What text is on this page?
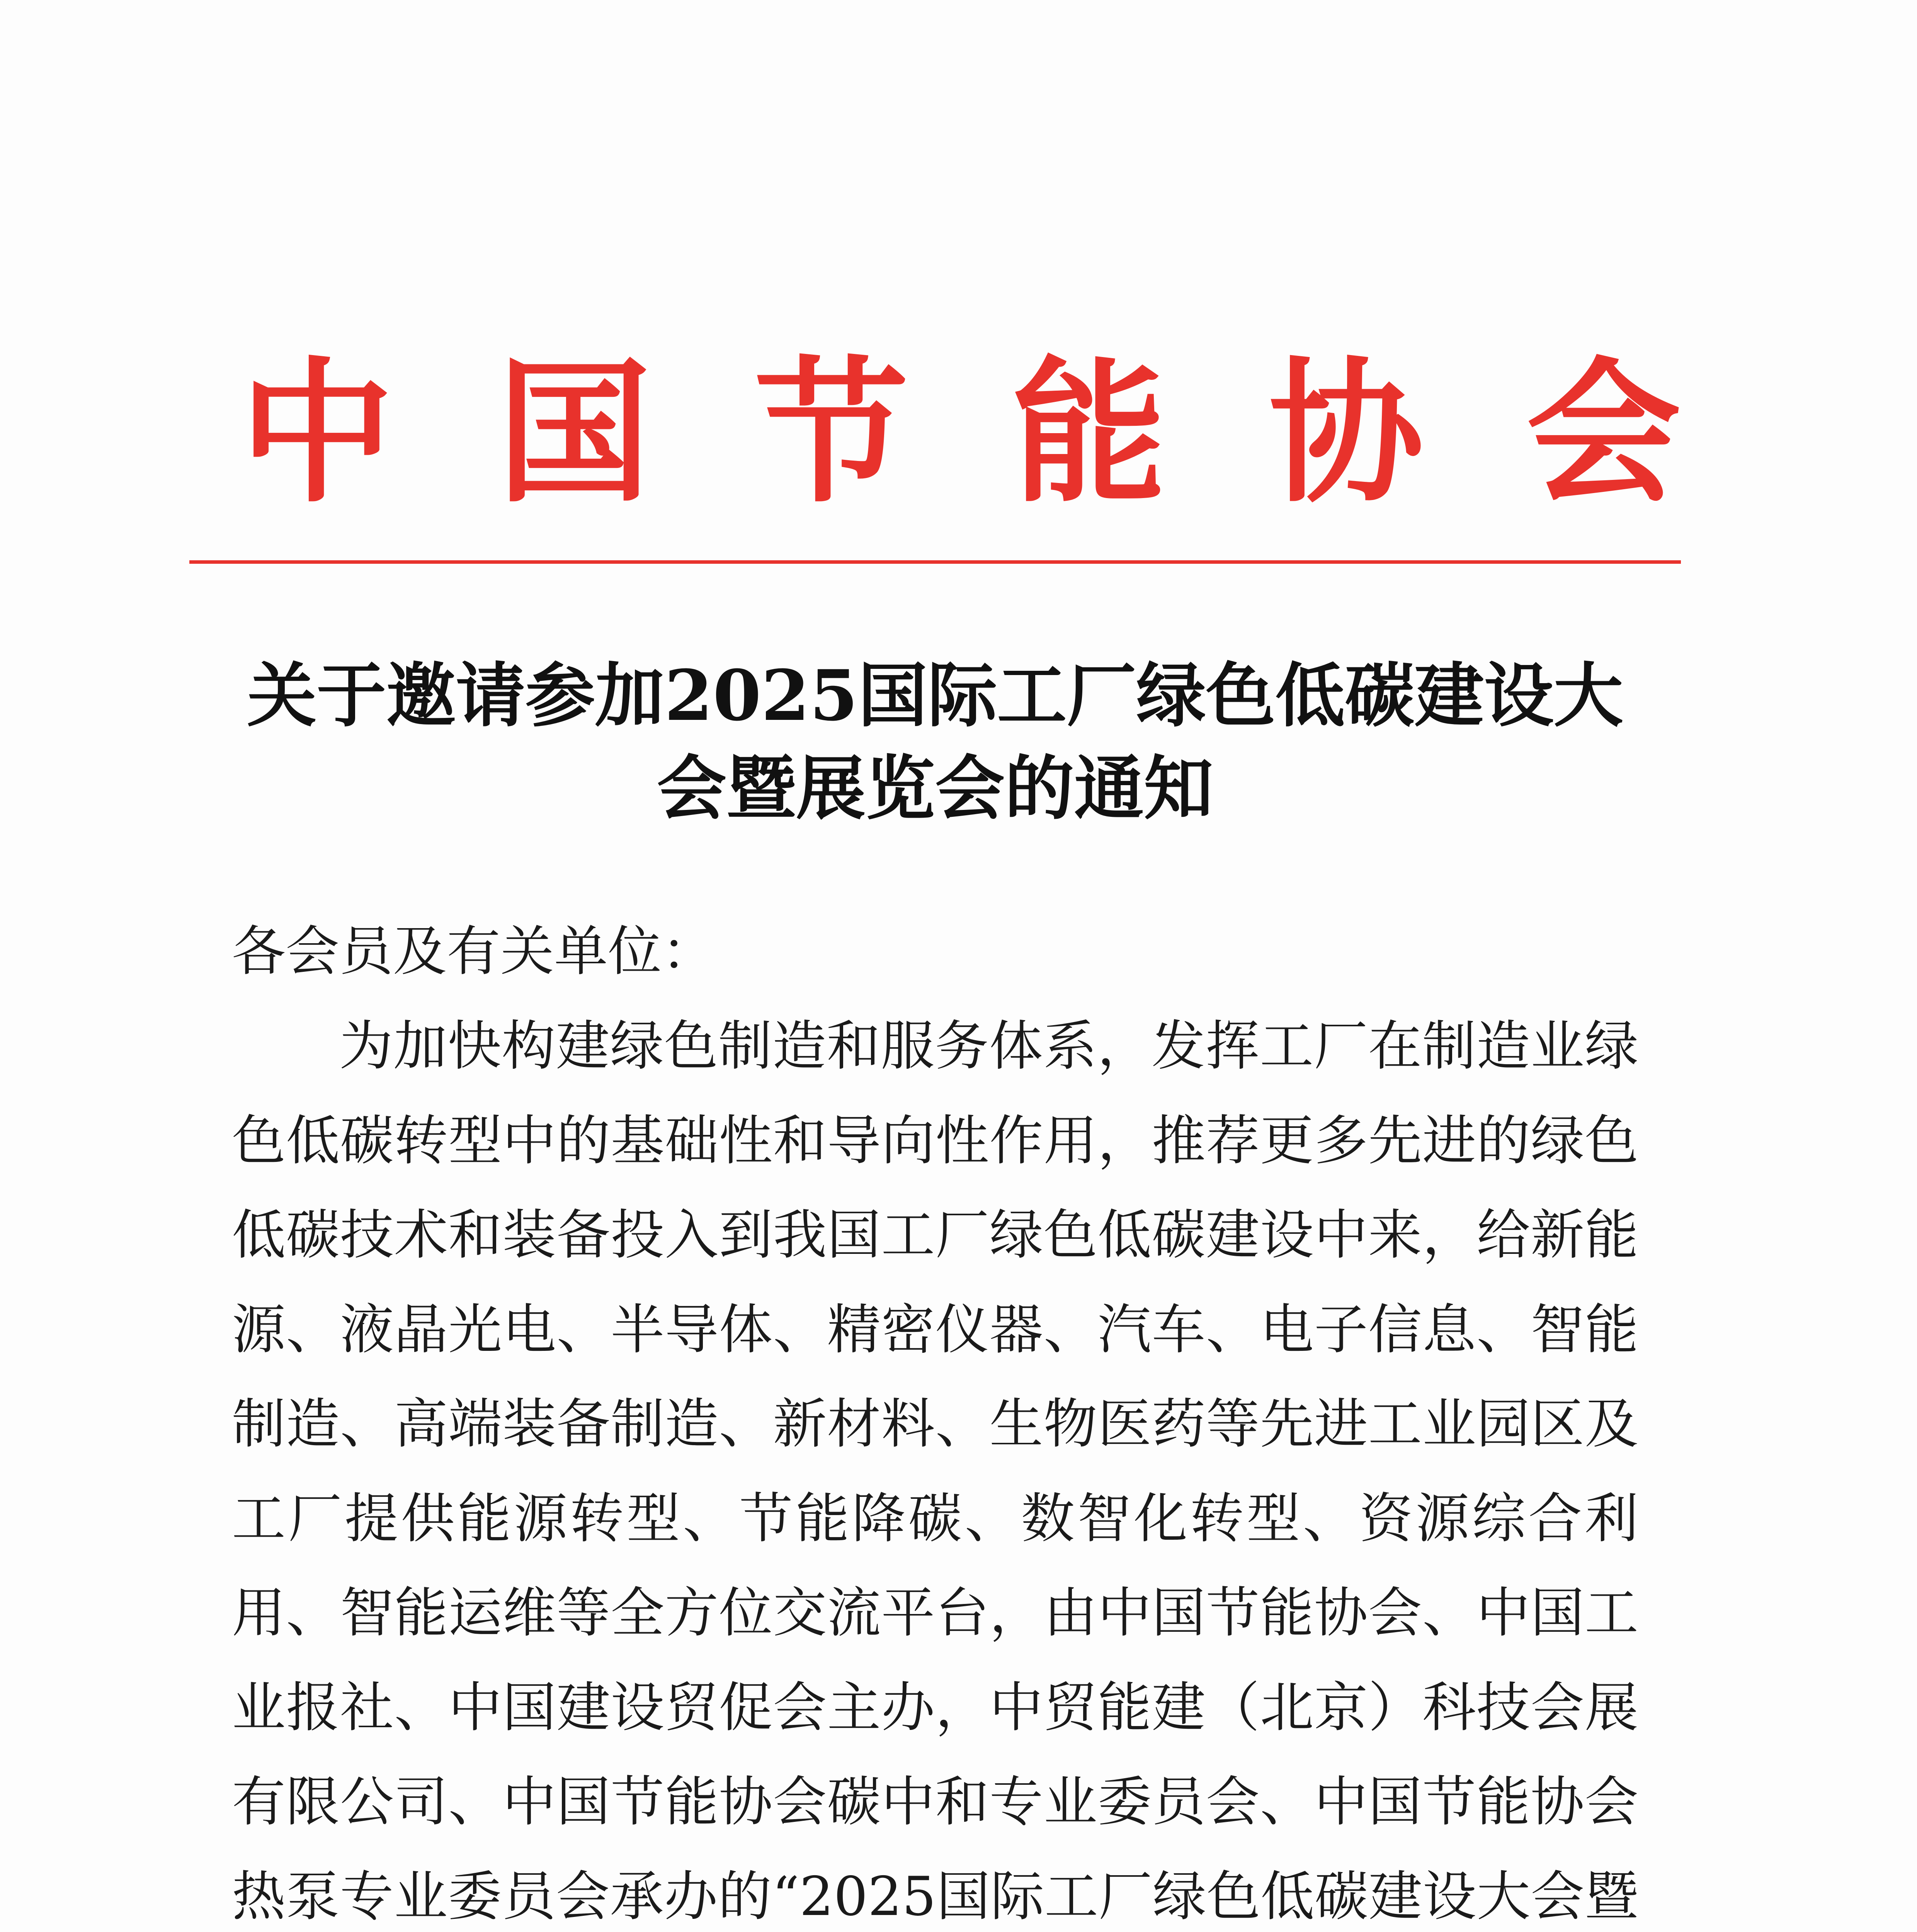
中 国 节 能 协 会
关于邀请参加2025国际工厂绿色低碳建设大
会暨展览会的通知

各会员及有关单位：

为加快构建绿色制造和服务体系，发挥工厂在制造业绿色低碳转型中的基础性和导向性作用，推荐更多先进的绿色低碳技术和装备投入到我国工厂绿色低碳建设中来，给新能源、液晶光电、半导体、精密仪器、汽车、电子信息、智能制造、高端装备制造、新材料、生物医药等先进工业园区及工厂提供能源转型、节能降碳、数智化转型、资源综合利用、智能运维等全方位交流平台，由中国节能协会、中国工业报社、中国建设贸促会主办，中贸能建（北京）科技会展有限公司、中国节能协会碳中和专业委员会、中国节能协会热泵专业委员会承办的“2025国际工厂绿色低碳建设大会暨
